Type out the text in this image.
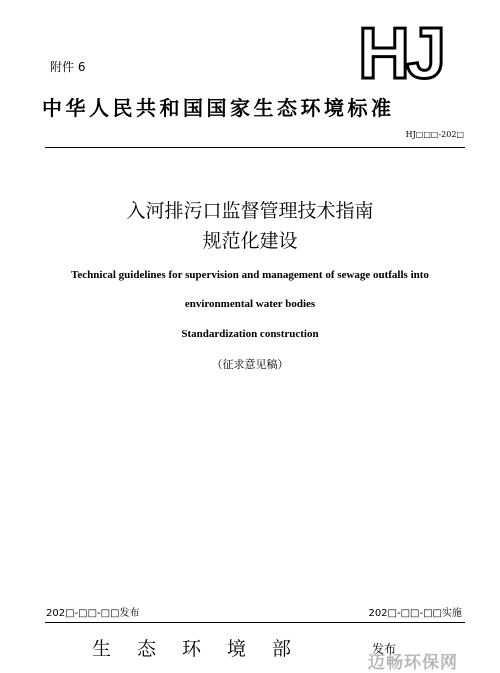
附件 6	HJ
中华人民共和国国家生态环境标准
HJ□□□-202□
入河排污口监督管理技术指南
规范化建设
Technical guidelines for supervision and management of sewage outfalls into
environmental water bodies
Standardization construction
（征求意见稿）
202□-□□-□□发布	202□-□□-□□实施
生态环境部	发布
迈畅环保网
